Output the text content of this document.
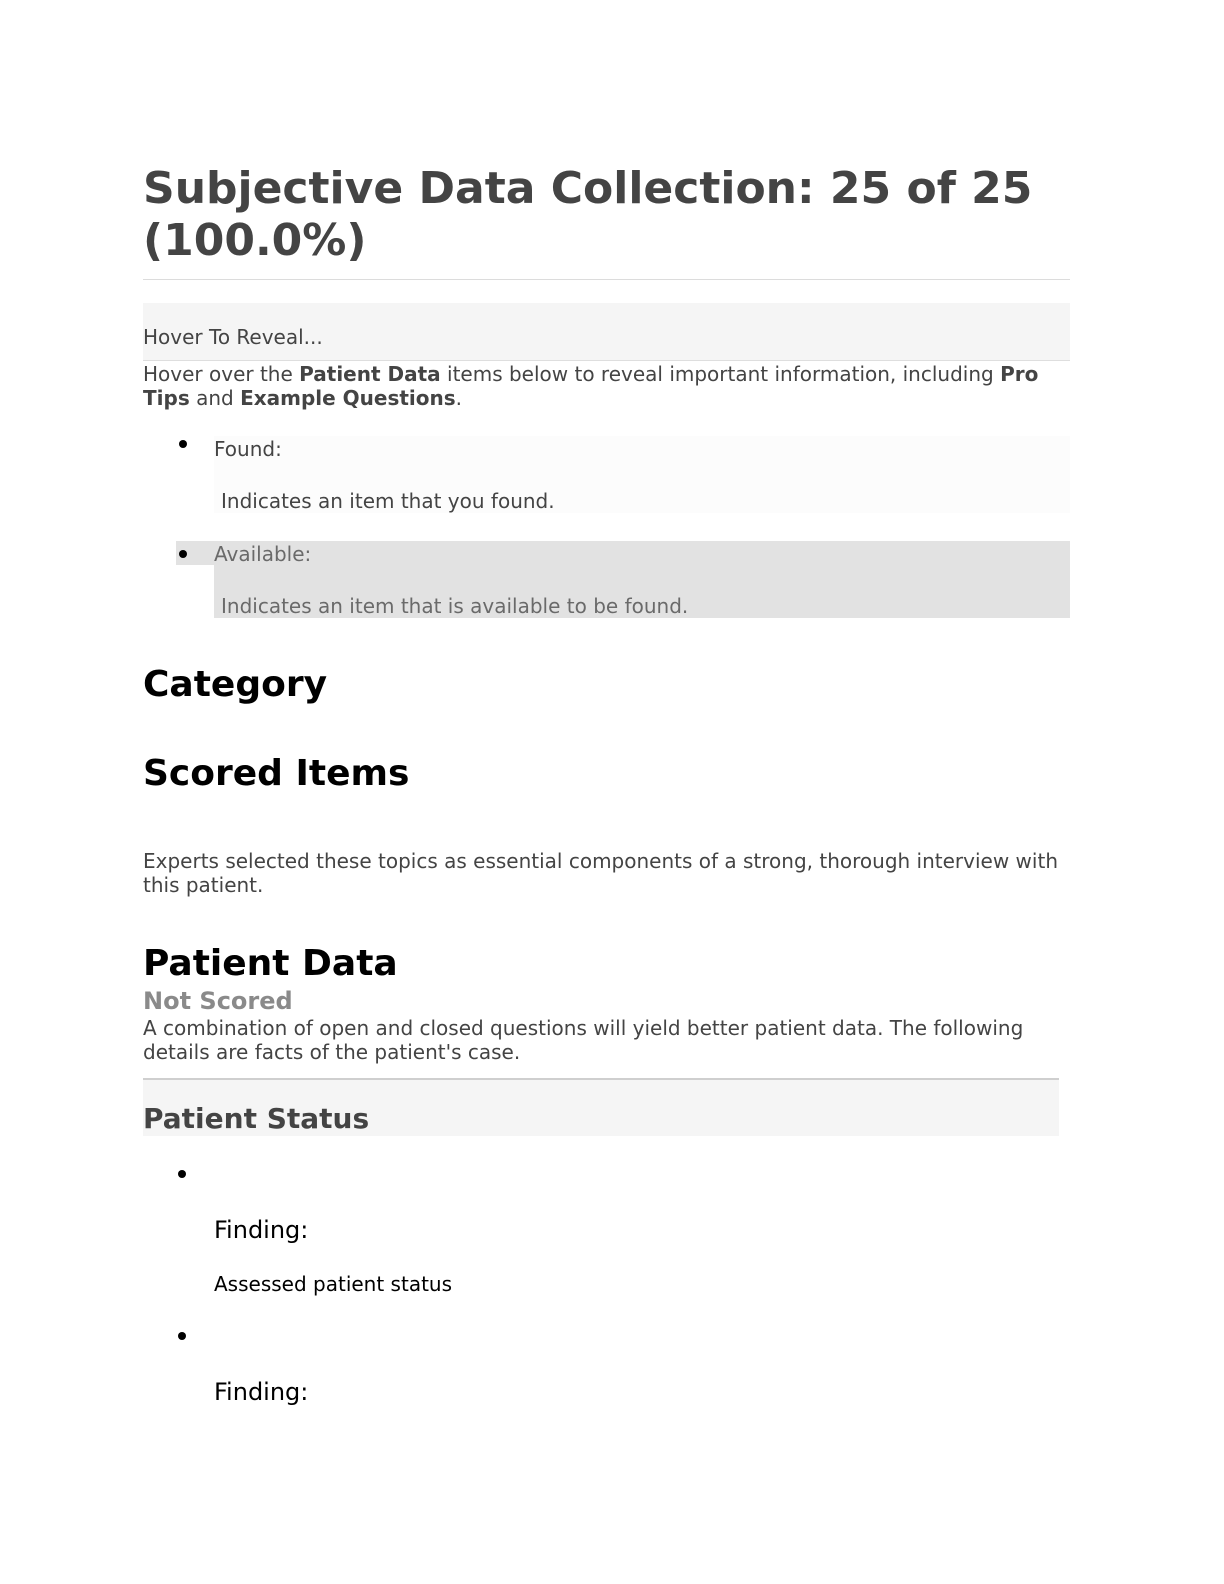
Subjective Data Collection: 25 of 25 (100.0%)
Hover To Reveal...
Hover over the Patient Data items below to reveal important information, including Pro Tips and Example Questions.
Found:
Indicates an item that you found.
Available:
Indicates an item that is available to be found.
Category
Scored Items
Experts selected these topics as essential components of a strong, thorough interview with this patient.
Patient Data
Not Scored
A combination of open and closed questions will yield better patient data. The following details are facts of the patient's case.
Patient Status
Finding:
Assessed patient status
Finding:
